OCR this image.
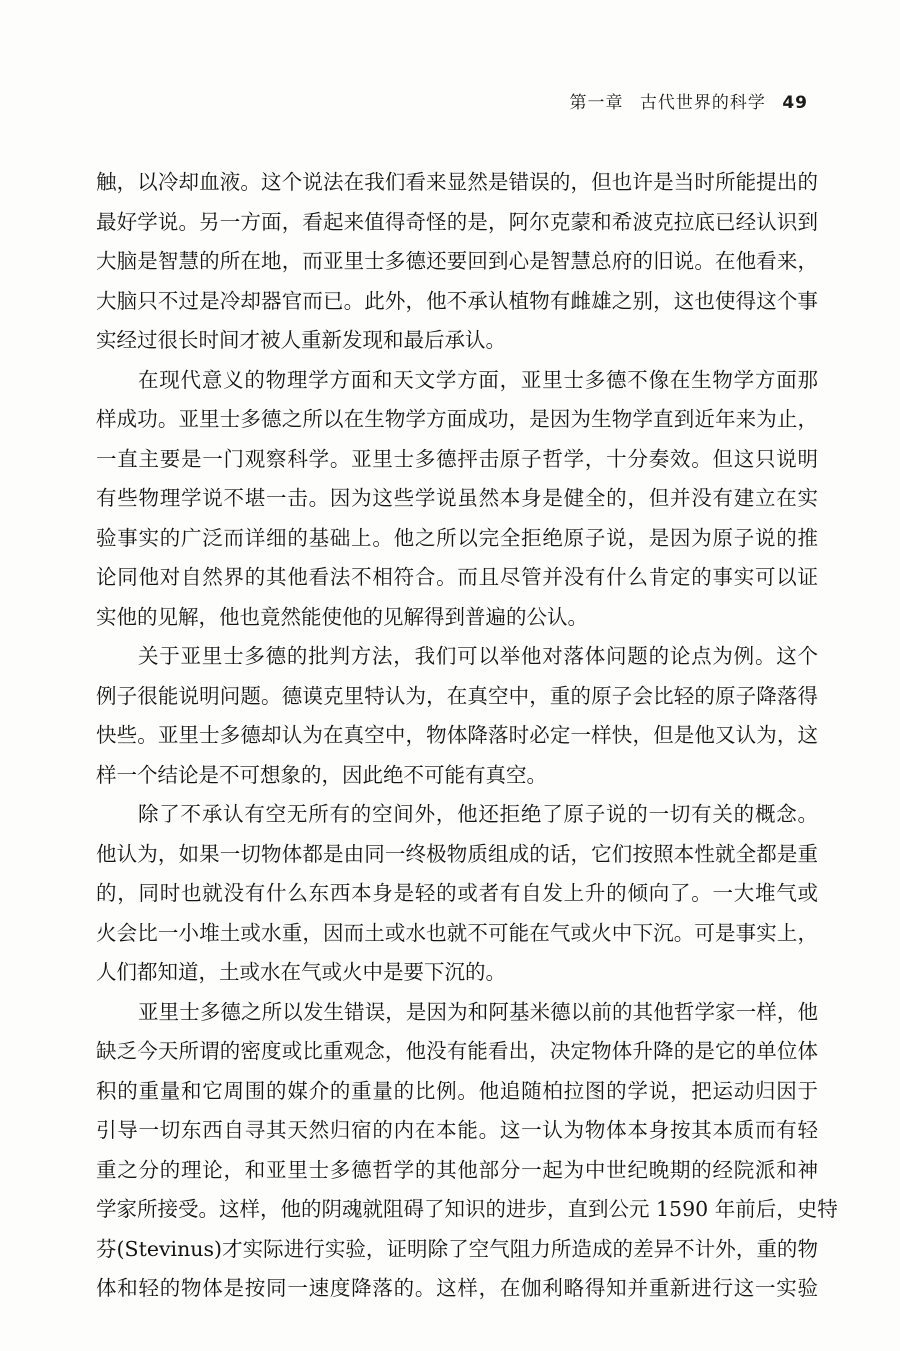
第一章 古代世界的科学 49
触，以冷却血液。这个说法在我们看来显然是错误的，但也许是当时所能提出的
最好学说。另一方面，看起来值得奇怪的是，阿尔克蒙和希波克拉底已经认识到
大脑是智慧的所在地，而亚里士多德还要回到心是智慧总府的旧说。在他看来，
大脑只不过是冷却器官而已。此外，他不承认植物有雌雄之别，这也使得这个事
实经过很长时间才被人重新发现和最后承认。
在现代意义的物理学方面和天文学方面，亚里士多德不像在生物学方面那
样成功。亚里士多德之所以在生物学方面成功，是因为生物学直到近年来为止，
一直主要是一门观察科学。亚里士多德抨击原子哲学，十分奏效。但这只说明
有些物理学说不堪一击。因为这些学说虽然本身是健全的，但并没有建立在实
验事实的广泛而详细的基础上。他之所以完全拒绝原子说，是因为原子说的推
论同他对自然界的其他看法不相符合。而且尽管并没有什么肯定的事实可以证
实他的见解，他也竟然能使他的见解得到普遍的公认。
关于亚里士多德的批判方法，我们可以举他对落体问题的论点为例。这个
例子很能说明问题。德谟克里特认为，在真空中，重的原子会比轻的原子降落得
快些。亚里士多德却认为在真空中，物体降落时必定一样快，但是他又认为，这
样一个结论是不可想象的，因此绝不可能有真空。
除了不承认有空无所有的空间外，他还拒绝了原子说的一切有关的概念。
他认为，如果一切物体都是由同一终极物质组成的话，它们按照本性就全都是重
的，同时也就没有什么东西本身是轻的或者有自发上升的倾向了。一大堆气或
火会比一小堆土或水重，因而土或水也就不可能在气或火中下沉。可是事实上，
人们都知道，土或水在气或火中是要下沉的。
亚里士多德之所以发生错误，是因为和阿基米德以前的其他哲学家一样，他
缺乏今天所谓的密度或比重观念，他没有能看出，决定物体升降的是它的单位体
积的重量和它周围的媒介的重量的比例。他追随柏拉图的学说，把运动归因于
引导一切东西自寻其天然归宿的内在本能。这一认为物体本身按其本质而有轻
重之分的理论，和亚里士多德哲学的其他部分一起为中世纪晚期的经院派和神
学家所接受。这样，他的阴魂就阻碍了知识的进步，直到公元 1590 年前后，史特
芬(Stevinus)才实际进行实验，证明除了空气阻力所造成的差异不计外，重的物
体和轻的物体是按同一速度降落的。这样，在伽利略得知并重新进行这一实验
